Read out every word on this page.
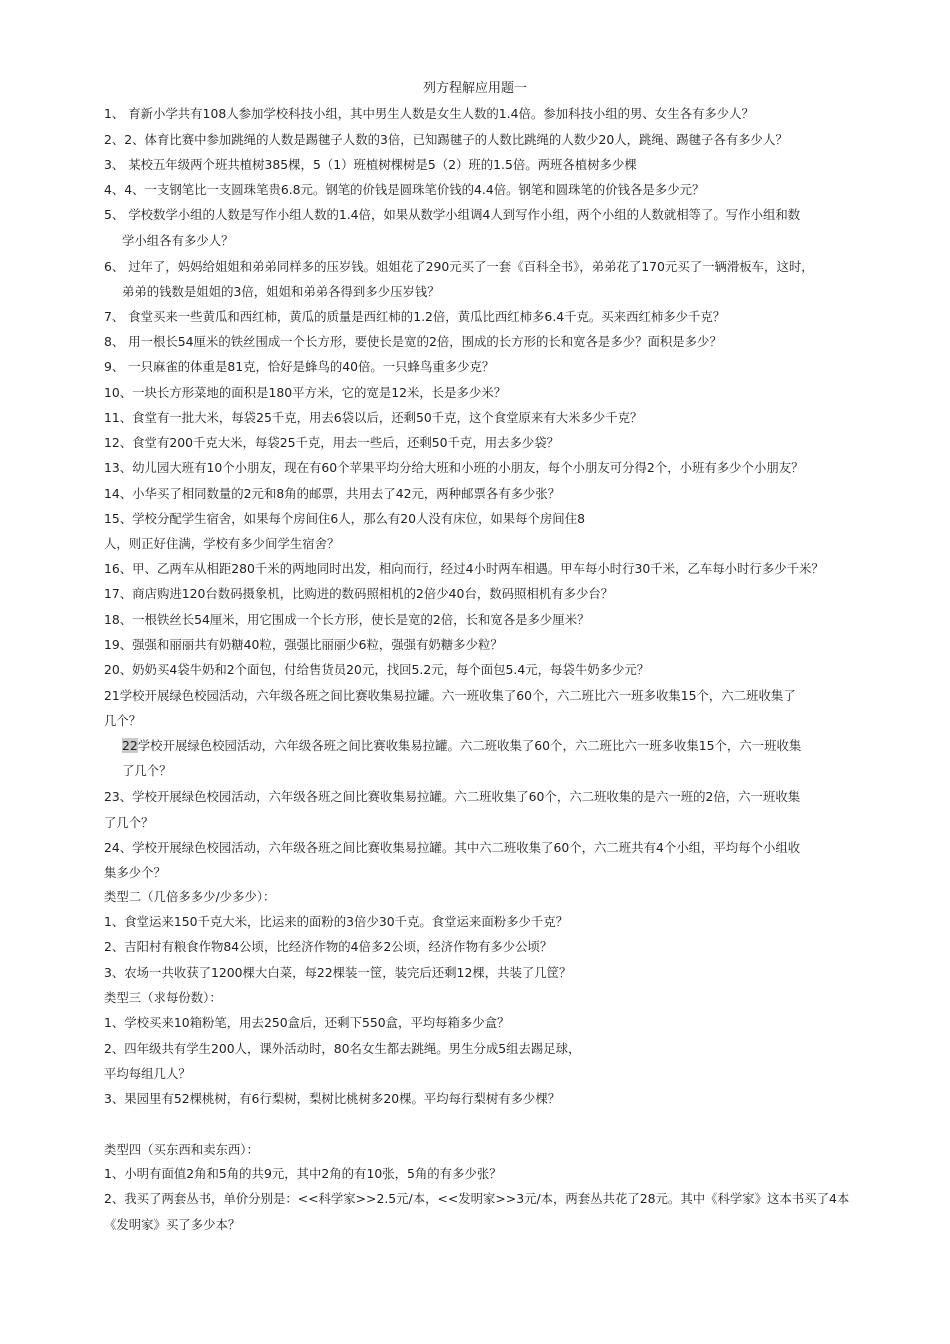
列方程解应用题一
1、 育新小学共有108人参加学校科技小组，其中男生人数是女生人数的1.4倍。参加科技小组的男、女生各有多少人？
2、2、体育比赛中参加跳绳的人数是踢毽子人数的3倍，已知踢毽子的人数比跳绳的人数少20人，跳绳、踢毽子各有多少人？
3、 某校五年级两个班共植树385棵，5（1）班植树棵树是5（2）班的1.5倍。两班各植树多少棵
4、4、一支钢笔比一支圆珠笔贵6.8元。钢笔的价钱是圆珠笔价钱的4.4倍。钢笔和圆珠笔的价钱各是多少元？
5、 学校数学小组的人数是写作小组人数的1.4倍，如果从数学小组调4人到写作小组，两个小组的人数就相等了。写作小组和数
学小组各有多少人？
6、 过年了，妈妈给姐姐和弟弟同样多的压岁钱。姐姐花了290元买了一套《百科全书》，弟弟花了170元买了一辆滑板车，这时，
弟弟的钱数是姐姐的3倍，姐姐和弟弟各得到多少压岁钱？
7、 食堂买来一些黄瓜和西红柿，黄瓜的质量是西红柿的1.2倍，黄瓜比西红柿多6.4千克。买来西红柿多少千克？
8、 用一根长54厘米的铁丝围成一个长方形，要使长是宽的2倍，围成的长方形的长和宽各是多少？面积是多少？
9、 一只麻雀的体重是81克，恰好是蜂鸟的40倍。一只蜂鸟重多少克？
10、一块长方形菜地的面积是180平方米，它的宽是12米，长是多少米？
11、食堂有一批大米，每袋25千克，用去6袋以后，还剩50千克，这个食堂原来有大米多少千克？
12、食堂有200千克大米，每袋25千克，用去一些后，还剩50千克，用去多少袋？
13、幼儿园大班有10个小朋友，现在有60个苹果平均分给大班和小班的小朋友，每个小朋友可分得2个，小班有多少个小朋友？
14、小华买了相同数量的2元和8角的邮票，共用去了42元，两种邮票各有多少张？
15、学校分配学生宿舍，如果每个房间住6人，那么有20人没有床位，如果每个房间住8
人，则正好住满，学校有多少间学生宿舍？
16、甲、乙两车从相距280千米的两地同时出发，相向而行，经过4小时两车相遇。甲车每小时行30千米，乙车每小时行多少千米？
17、商店购进120台数码摄象机，比购进的数码照相机的2倍少40台，数码照相机有多少台？
18、一根铁丝长54厘米，用它围成一个长方形，使长是宽的2倍，长和宽各是多少厘米？
19、强强和丽丽共有奶糖40粒，强强比丽丽少6粒，强强有奶糖多少粒？
20、奶奶买4袋牛奶和2个面包，付给售货员20元，找回5.2元，每个面包5.4元，每袋牛奶多少元？
21学校开展绿色校园活动，六年级各班之间比赛收集易拉罐。六一班收集了60个，六二班比六一班多收集15个，六二班收集了
几个？
22学校开展绿色校园活动，六年级各班之间比赛收集易拉罐。六二班收集了60个，六二班比六一班多收集15个，六一班收集
了几个？
23、学校开展绿色校园活动，六年级各班之间比赛收集易拉罐。六二班收集了60个，六二班收集的是六一班的2倍，六一班收集
了几个？
24、学校开展绿色校园活动，六年级各班之间比赛收集易拉罐。其中六二班收集了60个，六二班共有4个小组，平均每个小组收
集多少个？
类型二（几倍多多少/少多少）：
1、食堂运来150千克大米，比运来的面粉的3倍少30千克。食堂运来面粉多少千克？
2、吉阳村有粮食作物84公顷，比经济作物的4倍多2公顷，经济作物有多少公顷？
3、农场一共收获了1200棵大白菜，每22棵装一筐，装完后还剩12棵，共装了几筐？
类型三（求每份数）：
1、学校买来10箱粉笔，用去250盒后，还剩下550盒，平均每箱多少盒？
2、四年级共有学生200人，课外活动时，80名女生都去跳绳。男生分成5组去踢足球，
平均每组几人？
3、果园里有52棵桃树，有6行梨树，梨树比桃树多20棵。平均每行梨树有多少棵？
类型四（买东西和卖东西）：
1、小明有面值2角和5角的共9元，其中2角的有10张，5角的有多少张？
2、我买了两套丛书，单价分别是：<<科学家>>2.5元/本，<<发明家>>3元/本，两套丛共花了28元。其中《科学家》这本书买了4本
《发明家》买了多少本？
